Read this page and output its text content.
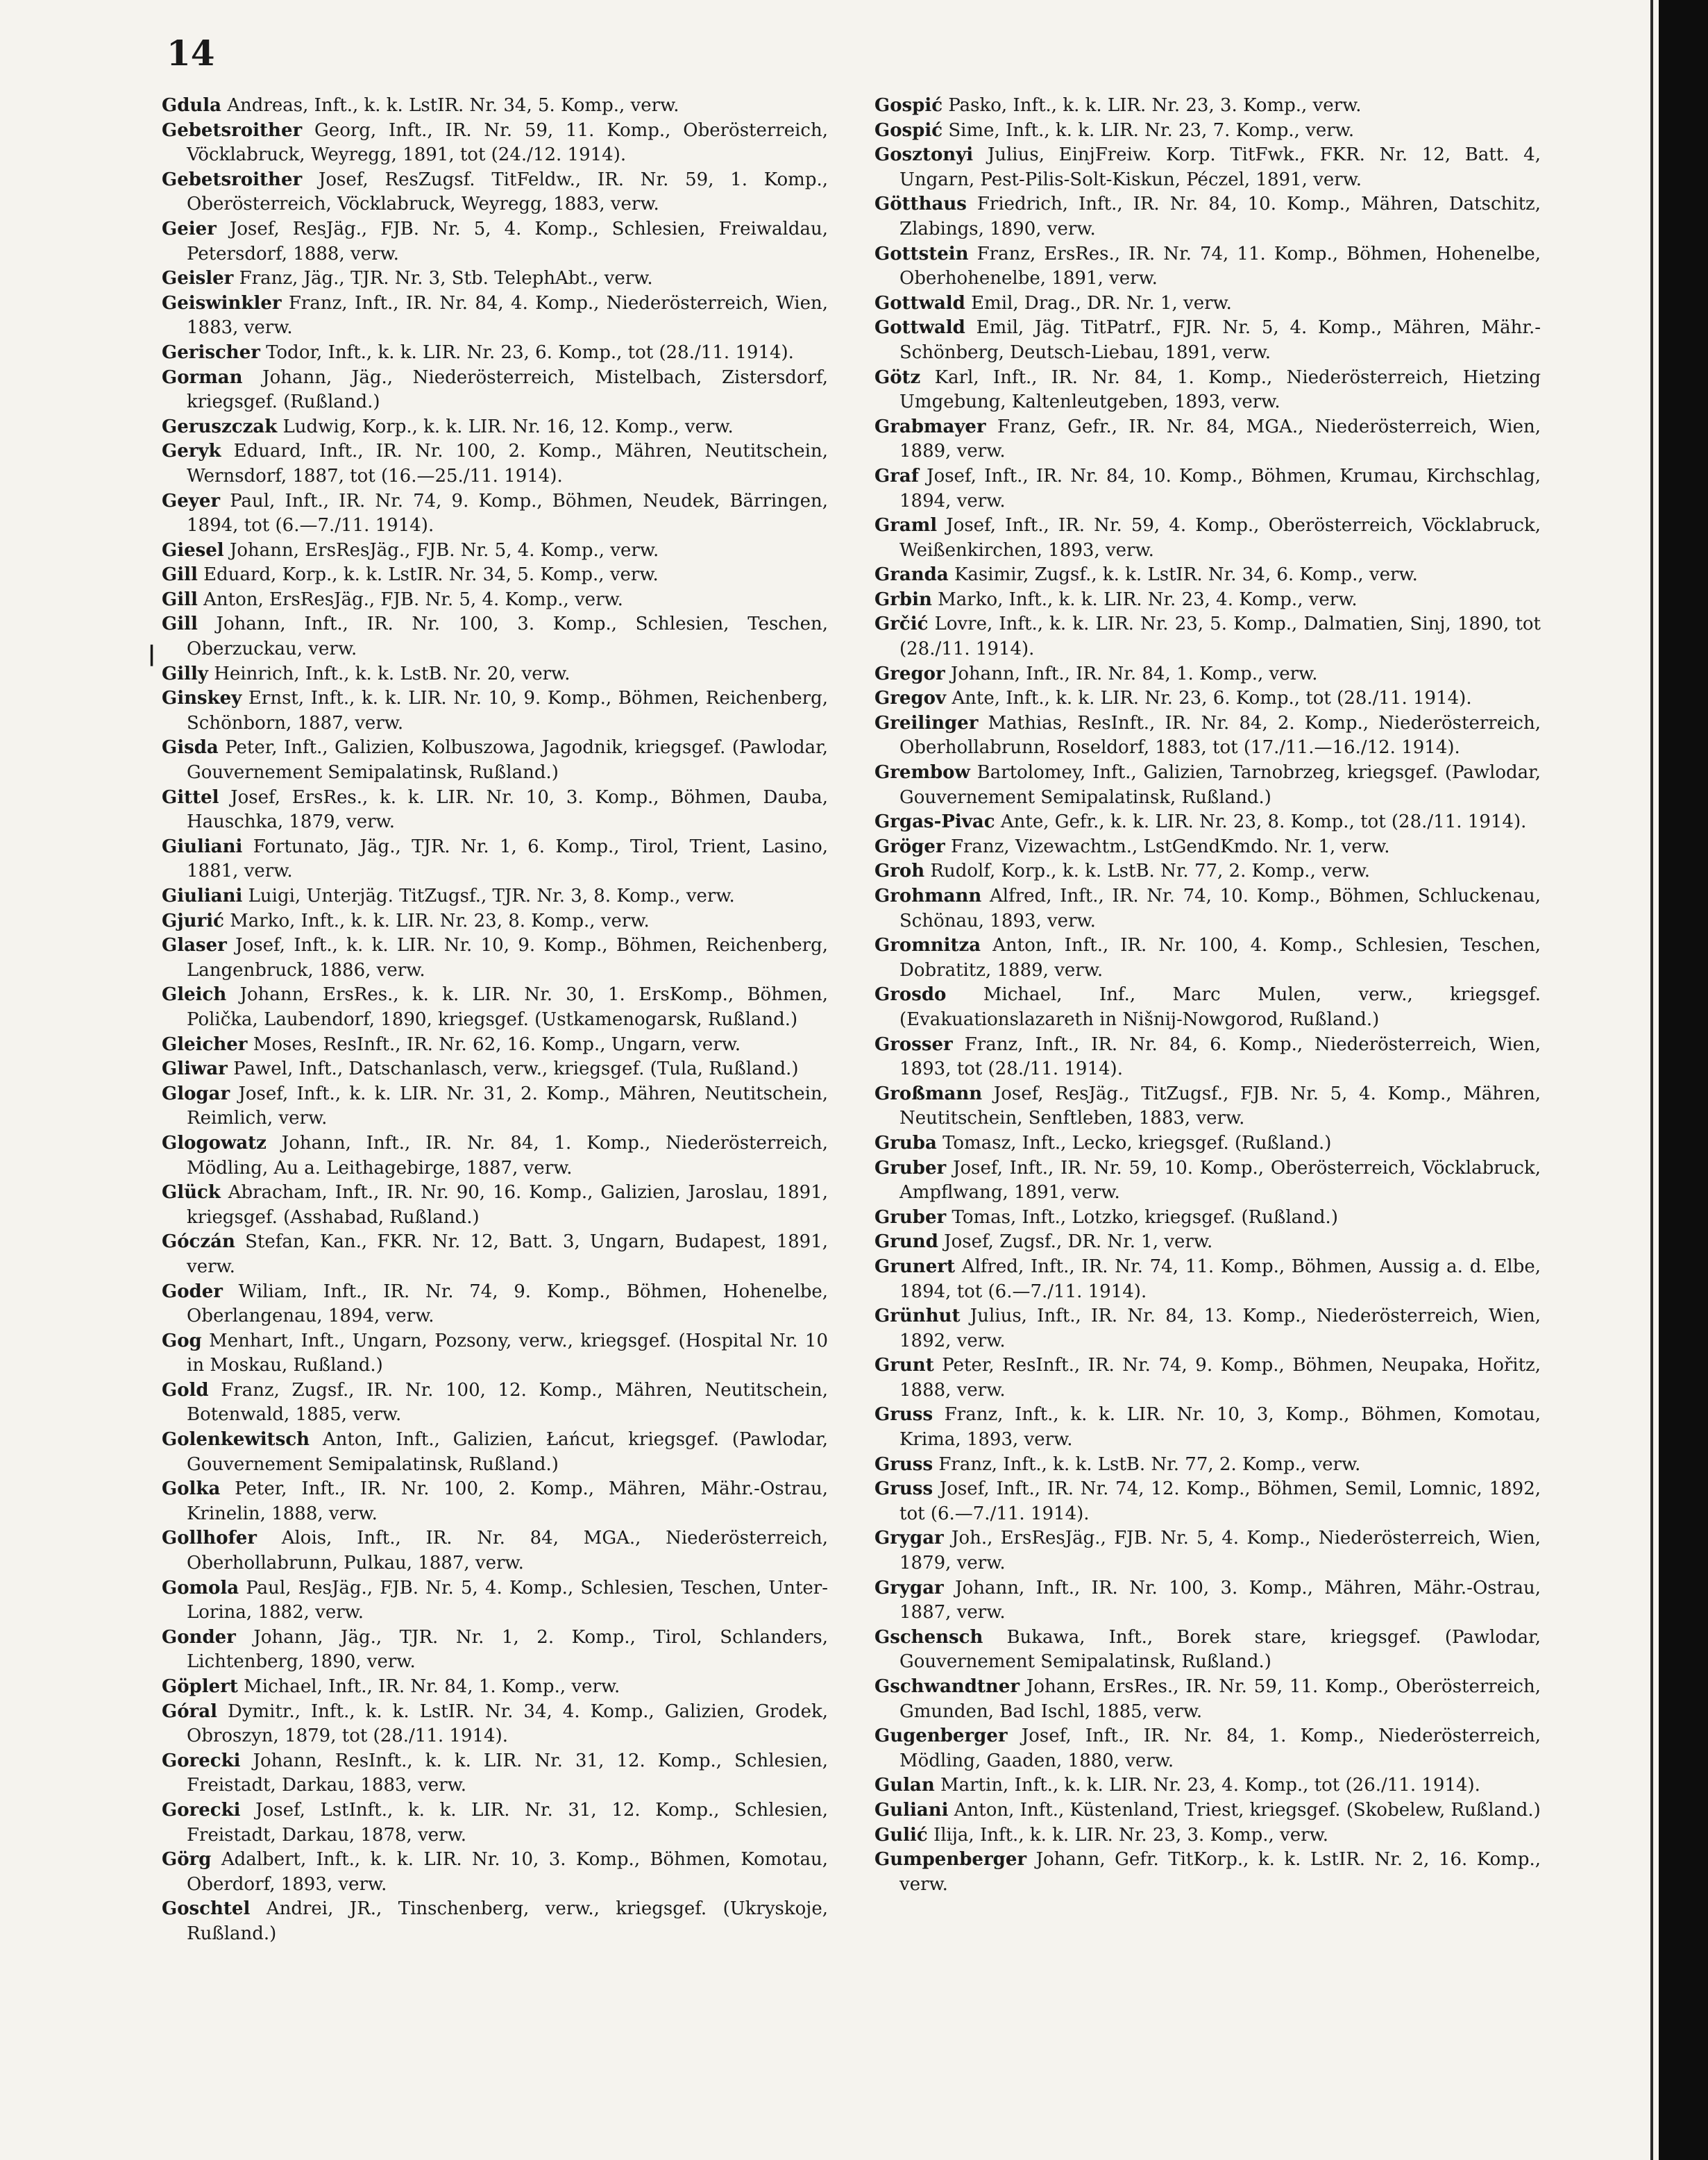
14
Gdula Andreas, Inft., k. k. LstIR. Nr. 34, 5. Komp., verw.
Gebetsroither Georg, Inft., IR. Nr. 59, 11. Komp., Oberösterreich, Vöcklabruck, Weyregg, 1891, tot (24./12. 1914).
Gebetsroither Josef, ResZugsf. TitFeldw., IR. Nr. 59, 1. Komp., Oberösterreich, Vöcklabruck, Weyregg, 1883, verw.
Geier Josef, ResJäg., FJB. Nr. 5, 4. Komp., Schlesien, Freiwaldau, Petersdorf, 1888, verw.
Geisler Franz, Jäg., TJR. Nr. 3, Stb. TelephAbt., verw.
Geiswinkler Franz, Inft., IR. Nr. 84, 4. Komp., Niederösterreich, Wien, 1883, verw.
Gerischer Todor, Inft., k. k. LIR. Nr. 23, 6. Komp., tot (28./11. 1914).
Gorman Johann, Jäg., Niederösterreich, Mistelbach, Zistersdorf, kriegsgef. (Rußland.)
Geruszczak Ludwig, Korp., k. k. LIR. Nr. 16, 12. Komp., verw.
Geryk Eduard, Inft., IR. Nr. 100, 2. Komp., Mähren, Neutitschein, Wernsdorf, 1887, tot (16.—25./11. 1914).
Geyer Paul, Inft., IR. Nr. 74, 9. Komp., Böhmen, Neudek, Bärringen, 1894, tot (6.—7./11. 1914).
Giesel Johann, ErsResJäg., FJB. Nr. 5, 4. Komp., verw.
Gill Eduard, Korp., k. k. LstIR. Nr. 34, 5. Komp., verw.
Gill Anton, ErsResJäg., FJB. Nr. 5, 4. Komp., verw.
Gill Johann, Inft., IR. Nr. 100, 3. Komp., Schlesien, Teschen, Oberzuckau, verw.
Gilly Heinrich, Inft., k. k. LstB. Nr. 20, verw.
Ginskey Ernst, Inft., k. k. LIR. Nr. 10, 9. Komp., Böhmen, Reichenberg, Schönborn, 1887, verw.
Gisda Peter, Inft., Galizien, Kolbuszowa, Jagodnik, kriegsgef. (Pawlodar, Gouvernement Semipalatinsk, Rußland.)
Gittel Josef, ErsRes., k. k. LIR. Nr. 10, 3. Komp., Böhmen, Dauba, Hauschka, 1879, verw.
Giuliani Fortunato, Jäg., TJR. Nr. 1, 6. Komp., Tirol, Trient, Lasino, 1881, verw.
Giuliani Luigi, Unterjäg. TitZugsf., TJR. Nr. 3, 8. Komp., verw.
Gjurić Marko, Inft., k. k. LIR. Nr. 23, 8. Komp., verw.
Glaser Josef, Inft., k. k. LIR. Nr. 10, 9. Komp., Böhmen, Reichenberg, Langenbruck, 1886, verw.
Gleich Johann, ErsRes., k. k. LIR. Nr. 30, 1. ErsKomp., Böhmen, Polička, Laubendorf, 1890, kriegsgef. (Ustkamenogarsk, Rußland.)
Gleicher Moses, ResInft., IR. Nr. 62, 16. Komp., Ungarn, verw.
Gliwar Pawel, Inft., Datschanlasch, verw., kriegsgef. (Tula, Rußland.)
Glogar Josef, Inft., k. k. LIR. Nr. 31, 2. Komp., Mähren, Neutitschein, Reimlich, verw.
Glogowatz Johann, Inft., IR. Nr. 84, 1. Komp., Niederösterreich, Mödling, Au a. Leithagebirge, 1887, verw.
Glück Abracham, Inft., IR. Nr. 90, 16. Komp., Galizien, Jaroslau, 1891, kriegsgef. (Asshabad, Rußland.)
Góczán Stefan, Kan., FKR. Nr. 12, Batt. 3, Ungarn, Budapest, 1891, verw.
Goder Wiliam, Inft., IR. Nr. 74, 9. Komp., Böhmen, Hohenelbe, Oberlangenau, 1894, verw.
Gog Menhart, Inft., Ungarn, Pozsony, verw., kriegsgef. (Hospital Nr. 10 in Moskau, Rußland.)
Gold Franz, Zugsf., IR. Nr. 100, 12. Komp., Mähren, Neutitschein, Botenwald, 1885, verw.
Golenkewitsch Anton, Inft., Galizien, Łańcut, kriegsgef. (Pawlodar, Gouvernement Semipalatinsk, Rußland.)
Golka Peter, Inft., IR. Nr. 100, 2. Komp., Mähren, Mähr.-Ostrau, Krinelin, 1888, verw.
Gollhofer Alois, Inft., IR. Nr. 84, MGA., Niederösterreich, Oberhollabrunn, Pulkau, 1887, verw.
Gomola Paul, ResJäg., FJB. Nr. 5, 4. Komp., Schlesien, Teschen, Unter-Lorina, 1882, verw.
Gonder Johann, Jäg., TJR. Nr. 1, 2. Komp., Tirol, Schlanders, Lichtenberg, 1890, verw.
Göplert Michael, Inft., IR. Nr. 84, 1. Komp., verw.
Góral Dymitr., Inft., k. k. LstIR. Nr. 34, 4. Komp., Galizien, Grodek, Obroszyn, 1879, tot (28./11. 1914).
Gorecki Johann, ResInft., k. k. LIR. Nr. 31, 12. Komp., Schlesien, Freistadt, Darkau, 1883, verw.
Gorecki Josef, LstInft., k. k. LIR. Nr. 31, 12. Komp., Schlesien, Freistadt, Darkau, 1878, verw.
Görg Adalbert, Inft., k. k. LIR. Nr. 10, 3. Komp., Böhmen, Komotau, Oberdorf, 1893, verw.
Goschtel Andrei, JR., Tinschenberg, verw., kriegsgef. (Ukryskoje, Rußland.)
Gospić Pasko, Inft., k. k. LIR. Nr. 23, 3. Komp., verw.
Gospić Sime, Inft., k. k. LIR. Nr. 23, 7. Komp., verw.
Gosztonyi Julius, EinjFreiw. Korp. TitFwk., FKR. Nr. 12, Batt. 4, Ungarn, Pest-Pilis-Solt-Kiskun, Péczel, 1891, verw.
Götthaus Friedrich, Inft., IR. Nr. 84, 10. Komp., Mähren, Datschitz, Zlabings, 1890, verw.
Gottstein Franz, ErsRes., IR. Nr. 74, 11. Komp., Böhmen, Hohenelbe, Oberhohenelbe, 1891, verw.
Gottwald Emil, Drag., DR. Nr. 1, verw.
Gottwald Emil, Jäg. TitPatrf., FJR. Nr. 5, 4. Komp., Mähren, Mähr.-Schönberg, Deutsch-Liebau, 1891, verw.
Götz Karl, Inft., IR. Nr. 84, 1. Komp., Niederösterreich, Hietzing Umgebung, Kaltenleutgeben, 1893, verw.
Grabmayer Franz, Gefr., IR. Nr. 84, MGA., Niederösterreich, Wien, 1889, verw.
Graf Josef, Inft., IR. Nr. 84, 10. Komp., Böhmen, Krumau, Kirchschlag, 1894, verw.
Graml Josef, Inft., IR. Nr. 59, 4. Komp., Oberösterreich, Vöcklabruck, Weißenkirchen, 1893, verw.
Granda Kasimir, Zugsf., k. k. LstIR. Nr. 34, 6. Komp., verw.
Grbin Marko, Inft., k. k. LIR. Nr. 23, 4. Komp., verw.
Grčić Lovre, Inft., k. k. LIR. Nr. 23, 5. Komp., Dalmatien, Sinj, 1890, tot (28./11. 1914).
Gregor Johann, Inft., IR. Nr. 84, 1. Komp., verw.
Gregov Ante, Inft., k. k. LIR. Nr. 23, 6. Komp., tot (28./11. 1914).
Greilinger Mathias, ResInft., IR. Nr. 84, 2. Komp., Niederösterreich, Oberhollabrunn, Roseldorf, 1883, tot (17./11.—16./12. 1914).
Grembow Bartolomey, Inft., Galizien, Tarnobrzeg, kriegsgef. (Pawlodar, Gouvernement Semipalatinsk, Rußland.)
Grgas-Pivac Ante, Gefr., k. k. LIR. Nr. 23, 8. Komp., tot (28./11. 1914).
Gröger Franz, Vizewachtm., LstGendKmdo. Nr. 1, verw.
Groh Rudolf, Korp., k. k. LstB. Nr. 77, 2. Komp., verw.
Grohmann Alfred, Inft., IR. Nr. 74, 10. Komp., Böhmen, Schluckenau, Schönau, 1893, verw.
Gromnitza Anton, Inft., IR. Nr. 100, 4. Komp., Schlesien, Teschen, Dobratitz, 1889, verw.
Grosdo Michael, Inf., Marc Mulen, verw., kriegsgef. (Evakuationslazareth in Nišnij-Nowgorod, Rußland.)
Grosser Franz, Inft., IR. Nr. 84, 6. Komp., Niederösterreich, Wien, 1893, tot (28./11. 1914).
Großmann Josef, ResJäg., TitZugsf., FJB. Nr. 5, 4. Komp., Mähren, Neutitschein, Senftleben, 1883, verw.
Gruba Tomasz, Inft., Lecko, kriegsgef. (Rußland.)
Gruber Josef, Inft., IR. Nr. 59, 10. Komp., Oberösterreich, Vöcklabruck, Ampflwang, 1891, verw.
Gruber Tomas, Inft., Lotzko, kriegsgef. (Rußland.)
Grund Josef, Zugsf., DR. Nr. 1, verw.
Grunert Alfred, Inft., IR. Nr. 74, 11. Komp., Böhmen, Aussig a. d. Elbe, 1894, tot (6.—7./11. 1914).
Grünhut Julius, Inft., IR. Nr. 84, 13. Komp., Niederösterreich, Wien, 1892, verw.
Grunt Peter, ResInft., IR. Nr. 74, 9. Komp., Böhmen, Neupaka, Hořitz, 1888, verw.
Gruss Franz, Inft., k. k. LIR. Nr. 10, 3, Komp., Böhmen, Komotau, Krima, 1893, verw.
Gruss Franz, Inft., k. k. LstB. Nr. 77, 2. Komp., verw.
Gruss Josef, Inft., IR. Nr. 74, 12. Komp., Böhmen, Semil, Lomnic, 1892, tot (6.—7./11. 1914).
Grygar Joh., ErsResJäg., FJB. Nr. 5, 4. Komp., Niederösterreich, Wien, 1879, verw.
Grygar Johann, Inft., IR. Nr. 100, 3. Komp., Mähren, Mähr.-Ostrau, 1887, verw.
Gschensch Bukawa, Inft., Borek stare, kriegsgef. (Pawlodar, Gouvernement Semipalatinsk, Rußland.)
Gschwandtner Johann, ErsRes., IR. Nr. 59, 11. Komp., Oberösterreich, Gmunden, Bad Ischl, 1885, verw.
Gugenberger Josef, Inft., IR. Nr. 84, 1. Komp., Niederösterreich, Mödling, Gaaden, 1880, verw.
Gulan Martin, Inft., k. k. LIR. Nr. 23, 4. Komp., tot (26./11. 1914).
Guliani Anton, Inft., Küstenland, Triest, kriegsgef. (Skobelew, Rußland.)
Gulić Ilija, Inft., k. k. LIR. Nr. 23, 3. Komp., verw.
Gumpenberger Johann, Gefr. TitKorp., k. k. LstIR. Nr. 2, 16. Komp., verw.
❘
